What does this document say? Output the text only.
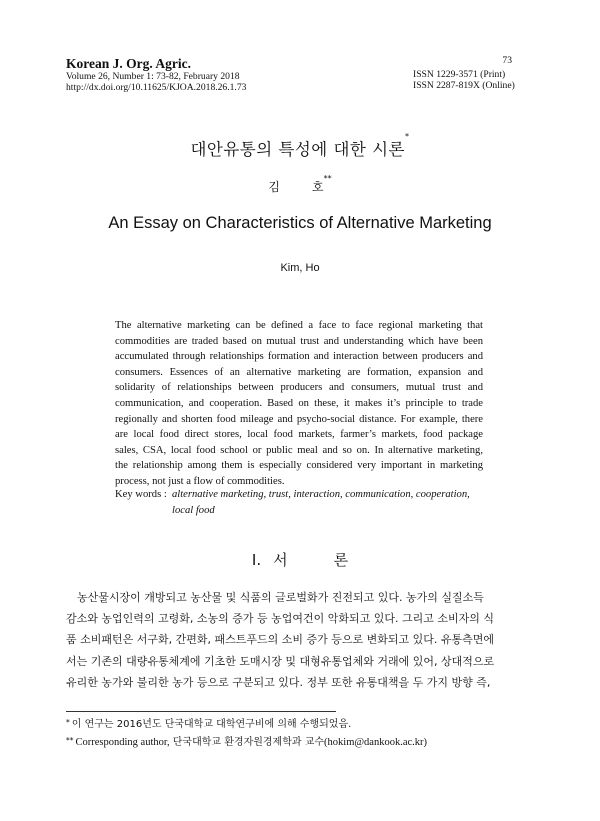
Korean J. Org. Agric.
Volume 26, Number 1: 73-82, February 2018
http://dx.doi.org/10.11625/KJOA.2018.26.1.73
73
ISSN 1229-3571 (Print)
ISSN 2287-819X (Online)
대안유통의 특성에 대한 시론*
김	호**
An Essay on Characteristics of Alternative Marketing
Kim, Ho
The alternative marketing can be defined a face to face regional marketing that
commodities are traded based on mutual trust and understanding which have been
accumulated through relationships formation and interaction between producers and
consumers. Essences of an alternative marketing are formation, expansion and
solidarity of relationships between producers and consumers, mutual trust and
communication, and cooperation. Based on these, it makes it’s principle to trade
regionally and shorten food mileage and psycho-social distance. For example, there
are local food direct stores, local food markets, farmer’s markets, food package
sales, CSA, local food school or public meal and so on. In alternative marketing,
the relationship among them is especially considered very important in marketing
process, not just a flow of commodities.
Key words : alternative marketing, trust, interaction, communication, cooperation, local food
Ⅰ. 서	론
농산물시장이 개방되고 농산물 및 식품의 글로벌화가 진전되고 있다. 농가의 실질소득
감소와 농업인력의 고령화, 소농의 증가 등 농업여건이 악화되고 있다. 그리고 소비자의 식
품 소비패턴은 서구화, 간편화, 패스트푸드의 소비 증가 등으로 변화되고 있다. 유통측면에
서는 기존의 대량유통체계에 기초한 도매시장 및 대형유통업체와 거래에 있어, 상대적으로
유리한 농가와 불리한 농가 등으로 구분되고 있다. 정부 또한 유통대책을 두 가지 방향 즉,
* 이 연구는 2016년도 단국대학교 대학연구비에 의해 수행되었음.
** Corresponding author, 단국대학교 환경자원경제학과 교수(hokim@dankook.ac.kr)
